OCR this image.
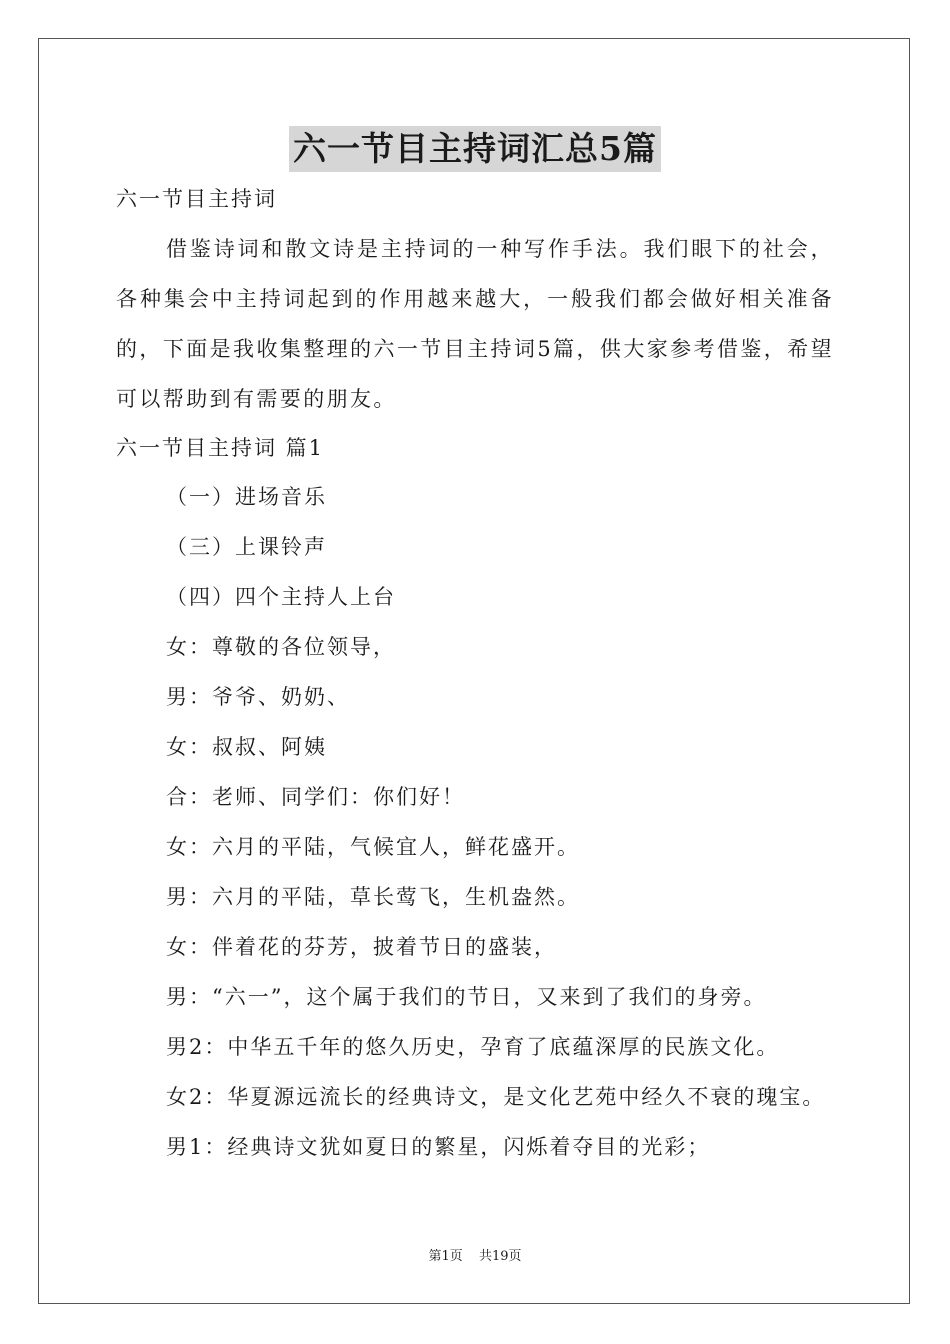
六一节目主持词汇总5篇
六一节目主持词
借鉴诗词和散文诗是主持词的一种写作手法。我们眼下的社会，各种集会中主持词起到的作用越来越大，一般我们都会做好相关准备的，下面是我收集整理的六一节目主持词5篇，供大家参考借鉴，希望可以帮助到有需要的朋友。
六一节目主持词 篇1
（一）进场音乐
（三）上课铃声
（四）四个主持人上台
女：尊敬的各位领导，
男：爷爷、奶奶、
女：叔叔、阿姨
合：老师、同学们：你们好！
女：六月的平陆，气候宜人，鲜花盛开。
男：六月的平陆，草长莺飞，生机盎然。
女：伴着花的芬芳，披着节日的盛装，
男：“六一”，这个属于我们的节日，又来到了我们的身旁。
男2：中华五千年的悠久历史，孕育了底蕴深厚的民族文化。
女2：华夏源远流长的经典诗文，是文化艺苑中经久不衰的瑰宝。
男1：经典诗文犹如夏日的繁星，闪烁着夺目的光彩；
第1页 共19页
